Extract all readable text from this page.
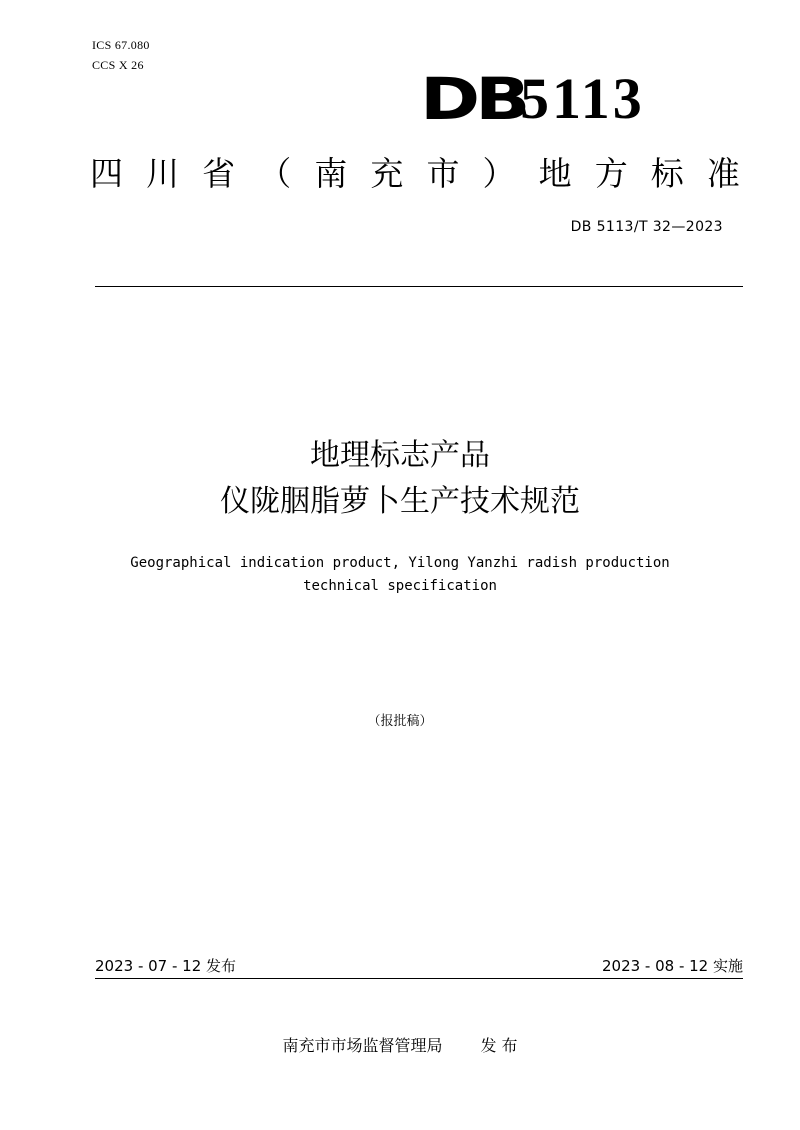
ICS 67.080
CCS X 26	DB
5113
四 川 省 （ 南 充 市 ） 地 方 标 准
DB 5113/T 32—2023
地理标志产品
仪陇胭脂萝卜生产技术规范
Geographical indication product, Yilong Yanzhi radish production
technical specification
（报批稿）
2023 - 07 - 12 发布	2023 - 08 - 12 实施
南充市市场监督管理局 发 布
